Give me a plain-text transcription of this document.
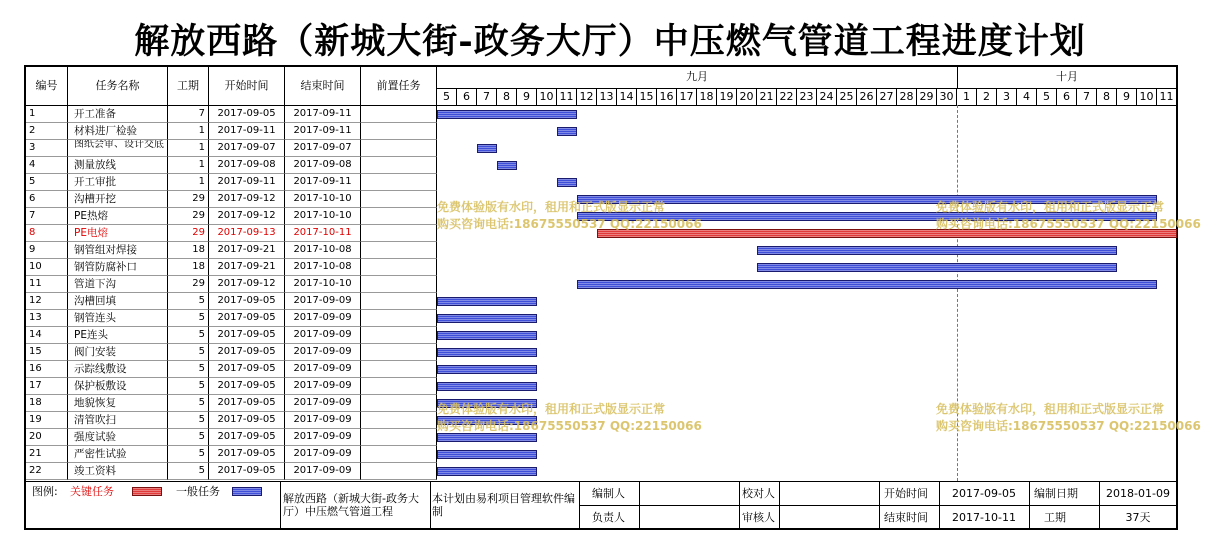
解放西路（新城大街-政务大厅）中压燃气管道工程进度计划
编号	任务名称	工期	开始时间	结束时间	前置任务
九月	十月
5	6	7	8	9 10 11 12 13 14 15 16 17 18 19 20 21 22 23 24 25 26 27 28 29 30 1	2	3	4	5	6	7	8	9 10 11
1	开工准备	7	2017-09-05	2017-09-11
2	材料进厂检验	1	2017-09-11	2017-09-11
3	图纸会审、设计交底	1	2017-09-07	2017-09-07
4	测量放线	1	2017-09-08	2017-09-08
5	开工审批	1	2017-09-11	2017-09-11
6	沟槽开挖	29	2017-09-12	2017-10-10
7	PE热熔	29	2017-09-12	2017-10-10
8	PE电熔	29	2017-09-13	2017-10-11
9	钢管组对焊接	18	2017-09-21	2017-10-08
10	钢管防腐补口	18	2017-09-21	2017-10-08
11	管道下沟	29	2017-09-12	2017-10-10
12	沟槽回填	5	2017-09-05	2017-09-09
13	钢管连头	5	2017-09-05	2017-09-09
14	PE连头	5	2017-09-05	2017-09-09
15	阀门安装	5	2017-09-05	2017-09-09
16	示踪线敷设	5	2017-09-05	2017-09-09
17	保护板敷设	5	2017-09-05	2017-09-09
18	地貌恢复	5	2017-09-05	2017-09-09
19	清管吹扫	5	2017-09-05	2017-09-09
20	强度试验	5	2017-09-05	2017-09-09
21	严密性试验	5	2017-09-05	2017-09-09
22	竣工资料	5	2017-09-05	2017-09-09
免费体验版有水印，租用和正式版显示正常
购买咨询电话:18675550537 QQ:22150066
免费体验版有水印，租用和正式版显示正常
购买咨询电话:18675550537 QQ:22150066
免费体验版有水印，租用和正式版显示正常
购买咨询电话:18675550537 QQ:22150066
免费体验版有水印，租用和正式版显示正常
购买咨询电话:18675550537 QQ:22150066
图例:	关键任务	一般任务
解放西路（新城大街-政务大厅）中压燃气管道工程
本计划由易利项目管理软件编制
编制人	校对人	开始时间	2017-09-05	编制日期	2018-01-09
负责人	审核人	结束时间	2017-10-11	工期	37天
